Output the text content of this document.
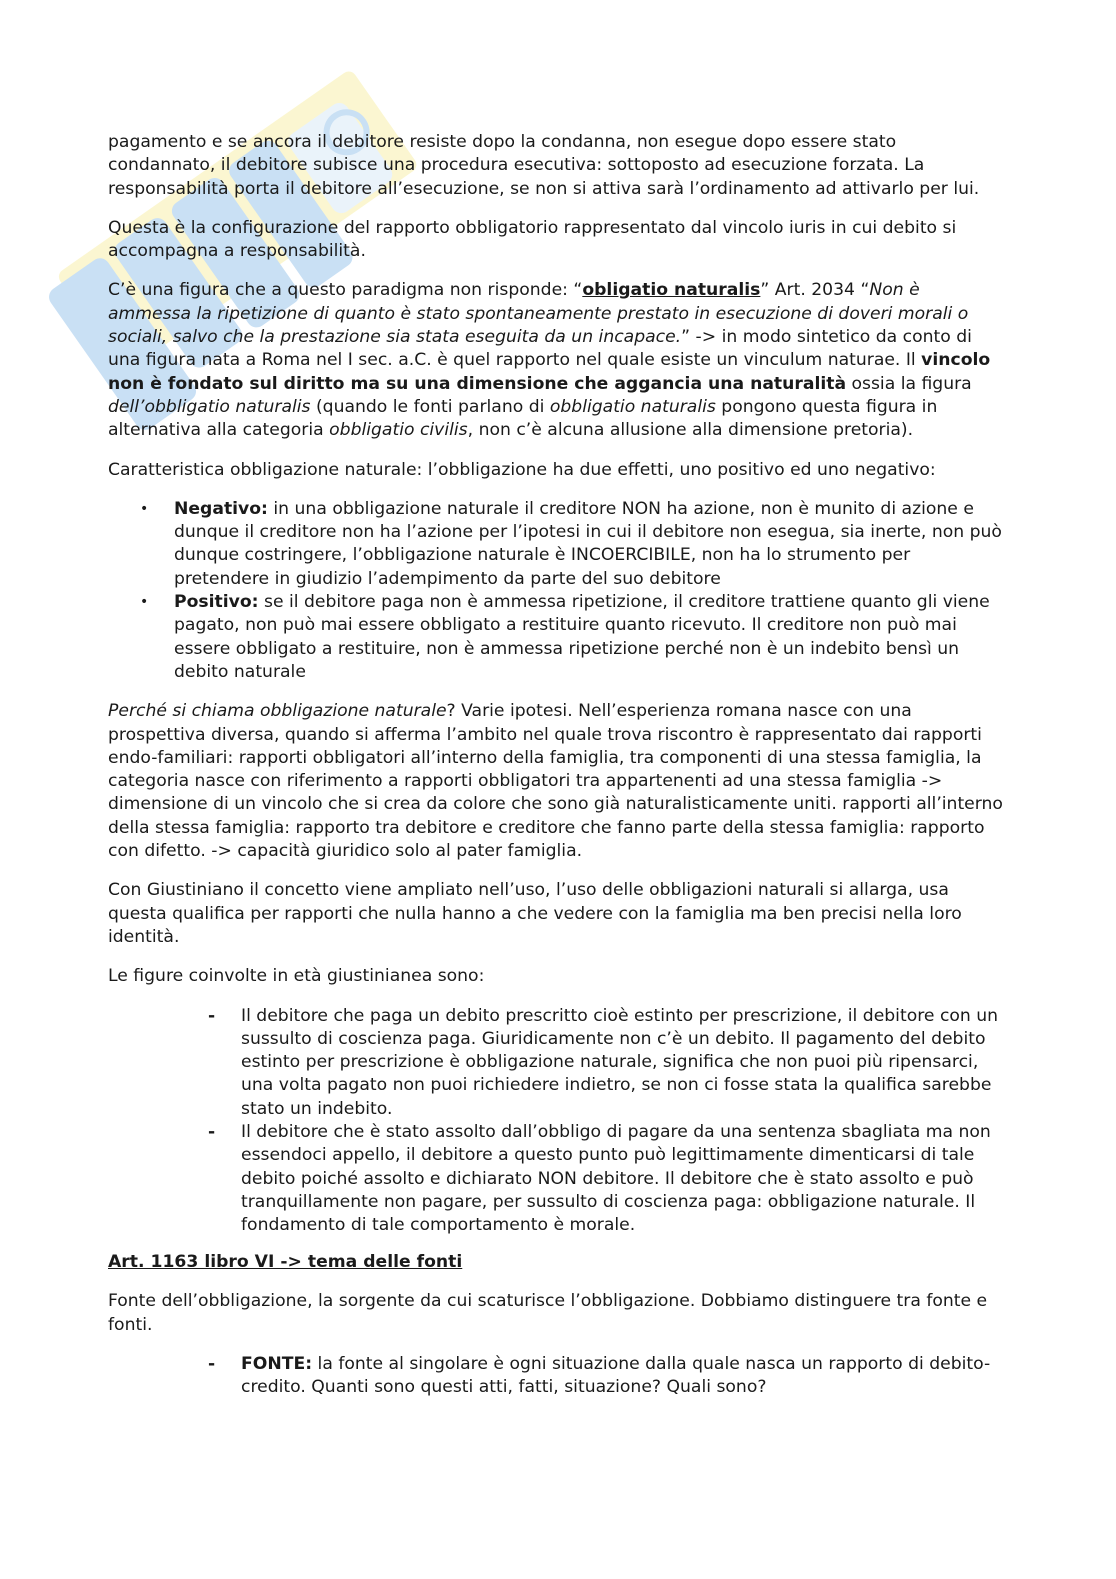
pagamento e se ancora il debitore resiste dopo la condanna, non esegue dopo essere stato condannato, il debitore subisce una procedura esecutiva: sottoposto ad esecuzione forzata. La responsabilità porta il debitore all’esecuzione, se non si attiva sarà l’ordinamento ad attivarlo per lui.

Questa è la configurazione del rapporto obbligatorio rappresentato dal vincolo iuris in cui debito si accompagna a responsabilità.

C’è una figura che a questo paradigma non risponde: “obligatio naturalis” Art. 2034 “Non è ammessa la ripetizione di quanto è stato spontaneamente prestato in esecuzione di doveri morali o sociali, salvo che la prestazione sia stata eseguita da un incapace.” -> in modo sintetico da conto di una figura nata a Roma nel I sec. a.C. è quel rapporto nel quale esiste un vinculum naturae. Il vincolo non è fondato sul diritto ma su una dimensione che aggancia una naturalità ossia la figura dell’obbligatio naturalis (quando le fonti parlano di obbligatio naturalis pongono questa figura in alternativa alla categoria obbligatio civilis, non c’è alcuna allusione alla dimensione pretoria).

Caratteristica obbligazione naturale: l’obbligazione ha due effetti, uno positivo ed uno negativo:

• Negativo: in una obbligazione naturale il creditore NON ha azione, non è munito di azione e dunque il creditore non ha l’azione per l’ipotesi in cui il debitore non esegua, sia inerte, non può dunque costringere, l’obbligazione naturale è INCOERCIBILE, non ha lo strumento per pretendere in giudizio l’adempimento da parte del suo debitore
• Positivo: se il debitore paga non è ammessa ripetizione, il creditore trattiene quanto gli viene pagato, non può mai essere obbligato a restituire quanto ricevuto. Il creditore non può mai essere obbligato a restituire, non è ammessa ripetizione perché non è un indebito bensì un debito naturale

Perché si chiama obbligazione naturale? Varie ipotesi. Nell’esperienza romana nasce con una prospettiva diversa, quando si afferma l’ambito nel quale trova riscontro è rappresentato dai rapporti endo-familiari: rapporti obbligatori all’interno della famiglia, tra componenti di una stessa famiglia, la categoria nasce con riferimento a rapporti obbligatori tra appartenenti ad una stessa famiglia -> dimensione di un vincolo che si crea da colore che sono già naturalisticamente uniti. rapporti all’interno della stessa famiglia: rapporto tra debitore e creditore che fanno parte della stessa famiglia: rapporto con difetto. -> capacità giuridico solo al pater famiglia.

Con Giustiniano il concetto viene ampliato nell’uso, l’uso delle obbligazioni naturali si allarga, usa questa qualifica per rapporti che nulla hanno a che vedere con la famiglia ma ben precisi nella loro identità.

Le figure coinvolte in età giustinianea sono:

- Il debitore che paga un debito prescritto cioè estinto per prescrizione, il debitore con un sussulto di coscienza paga. Giuridicamente non c’è un debito. Il pagamento del debito estinto per prescrizione è obbligazione naturale, significa che non puoi più ripensarci, una volta pagato non puoi richiedere indietro, se non ci fosse stata la qualifica sarebbe stato un indebito.
- Il debitore che è stato assolto dall’obbligo di pagare da una sentenza sbagliata ma non essendoci appello, il debitore a questo punto può legittimamente dimenticarsi di tale debito poiché assolto e dichiarato NON debitore. Il debitore che è stato assolto e può tranquillamente non pagare, per sussulto di coscienza paga: obbligazione naturale. Il fondamento di tale comportamento è morale.
Art. 1163 libro VI -> tema delle fonti

Fonte dell’obbligazione, la sorgente da cui scaturisce l’obbligazione. Dobbiamo distinguere tra fonte e fonti.

- FONTE: la fonte al singolare è ogni situazione dalla quale nasca un rapporto di debito-credito. Quanti sono questi atti, fatti, situazione? Quali sono?
